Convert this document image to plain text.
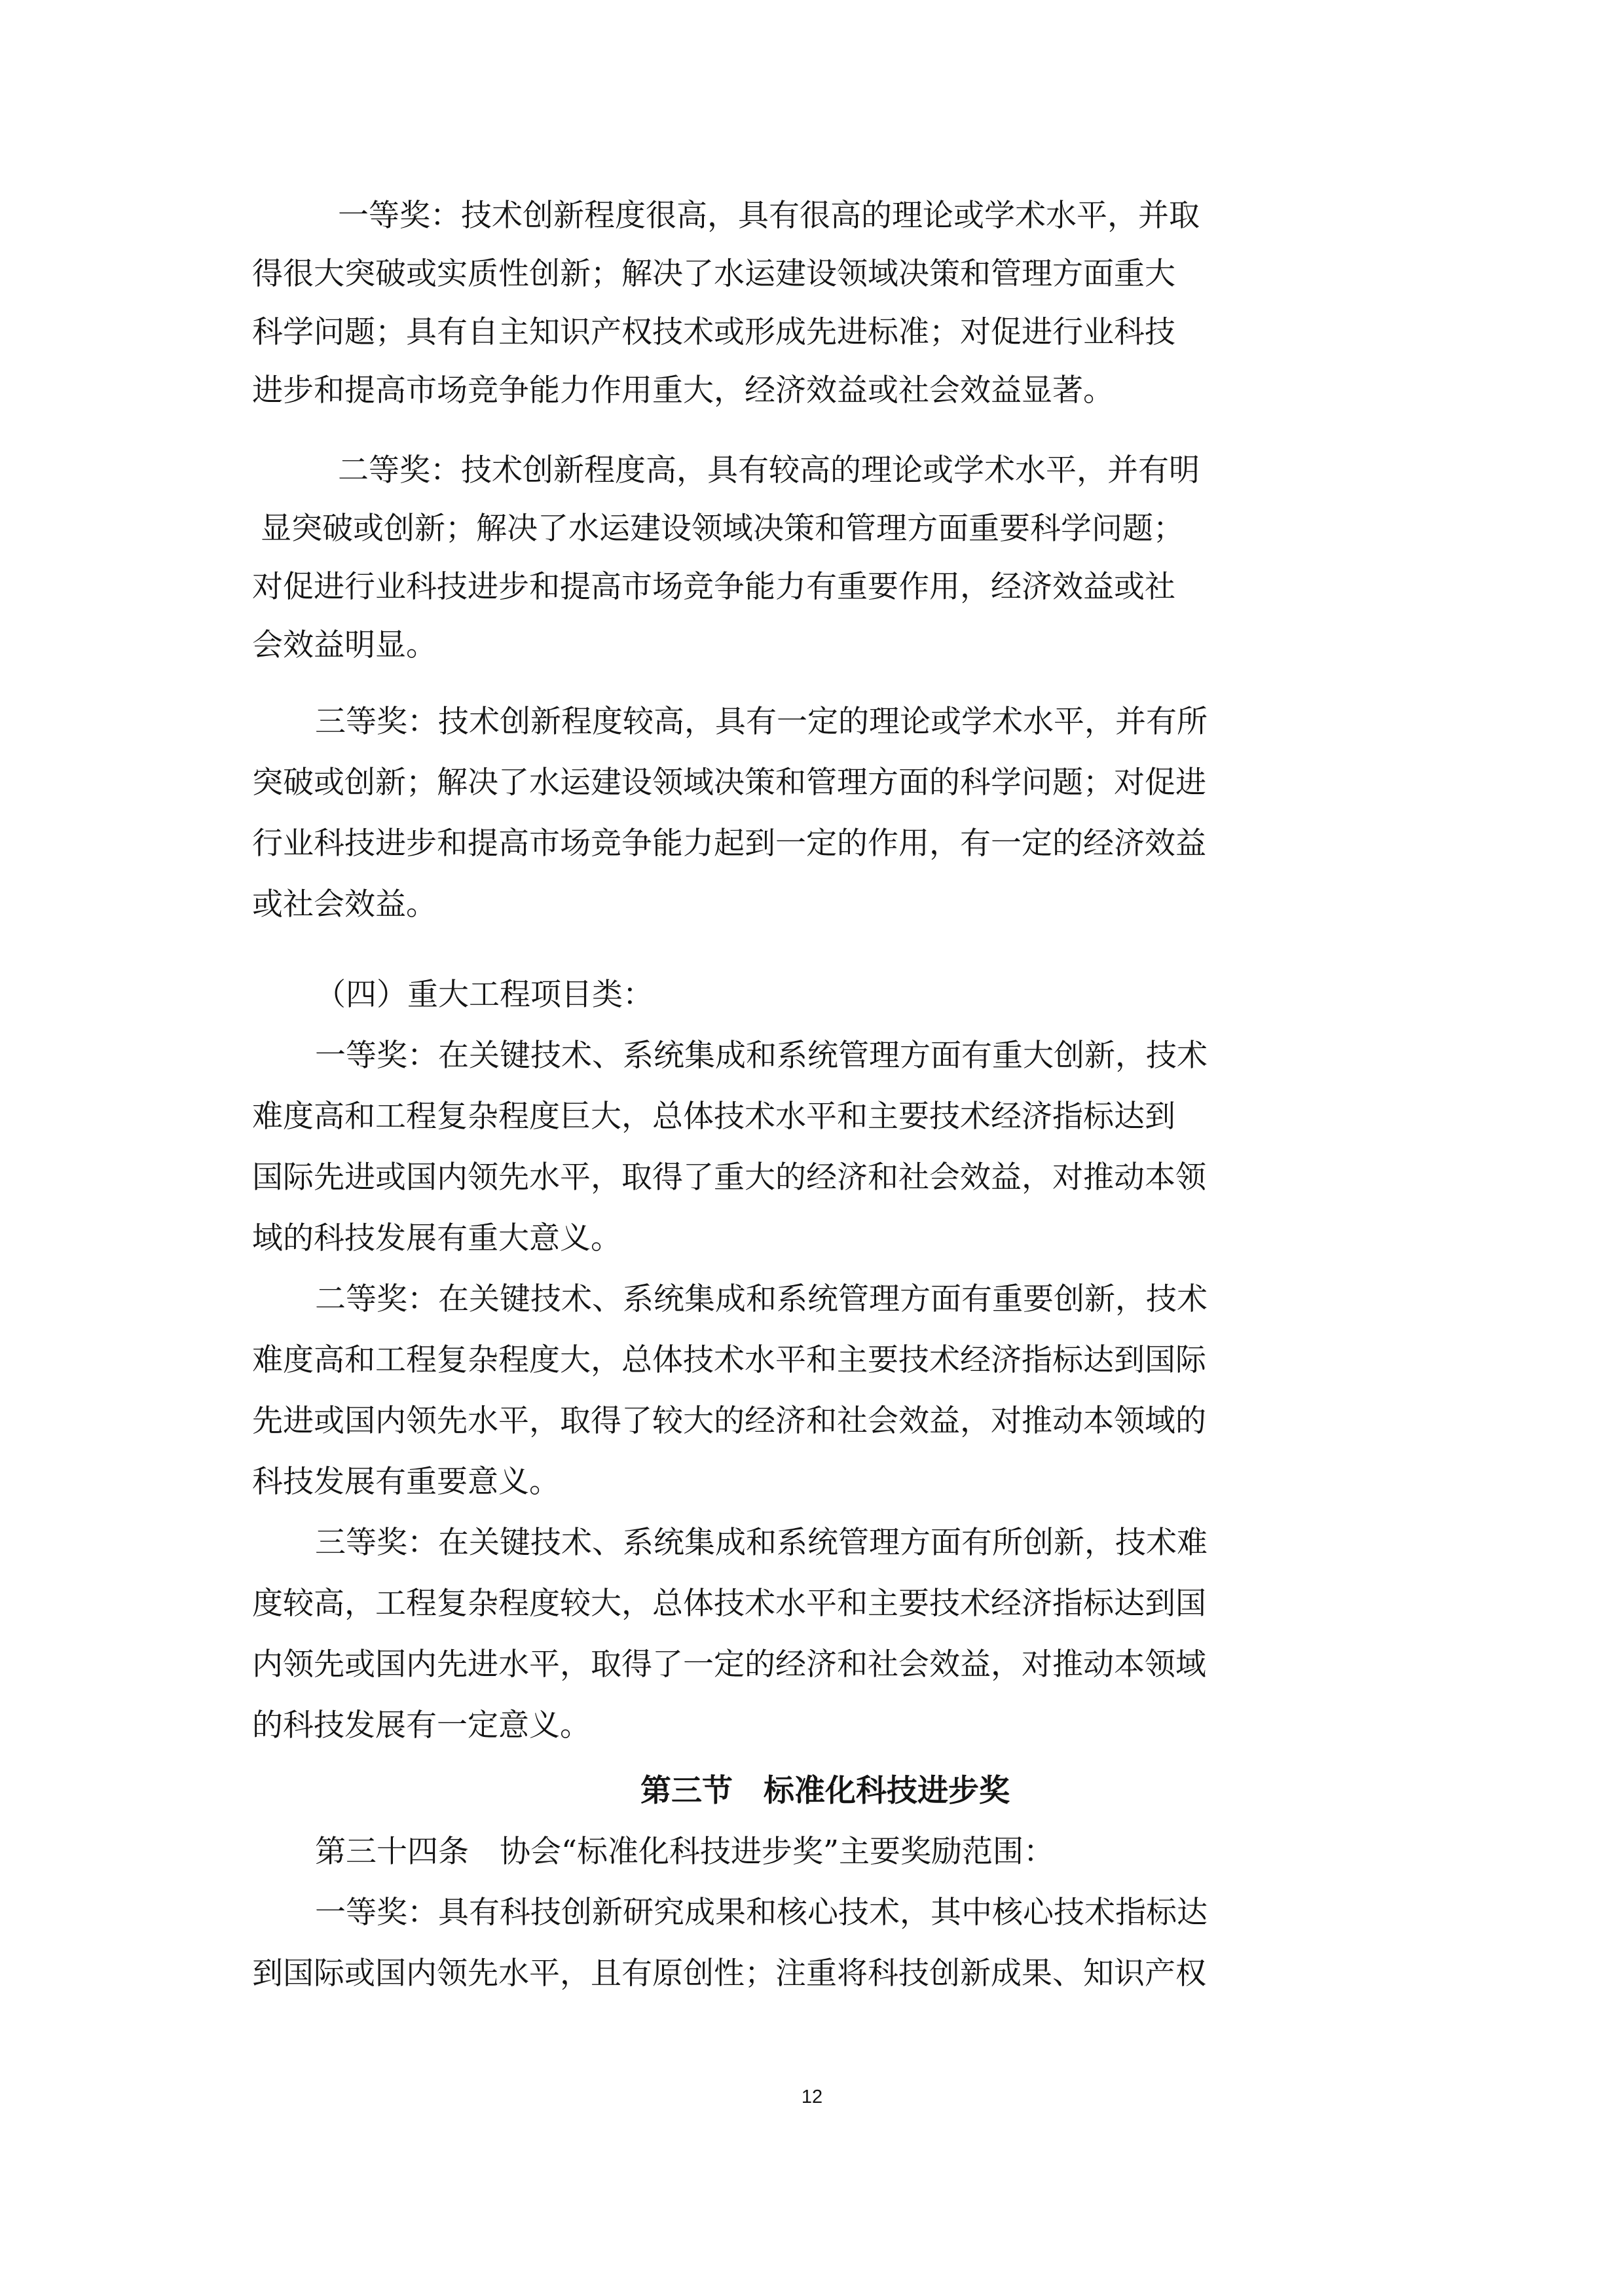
一等奖：技术创新程度很高，具有很高的理论或学术水平，并取

得很大突破或实质性创新；解决了水运建设领域决策和管理方面重大

科学问题；具有自主知识产权技术或形成先进标准；对促进行业科技

进步和提高市场竞争能力作用重大，经济效益或社会效益显著。

二等奖：技术创新程度高，具有较高的理论或学术水平，并有明

显突破或创新；解决了水运建设领域决策和管理方面重要科学问题；

对促进行业科技进步和提高市场竞争能力有重要作用，经济效益或社

会效益明显。

三等奖：技术创新程度较高，具有一定的理论或学术水平，并有所

突破或创新；解决了水运建设领域决策和管理方面的科学问题；对促进

行业科技进步和提高市场竞争能力起到一定的作用，有一定的经济效益

或社会效益。

（四）重大工程项目类：

一等奖：在关键技术、系统集成和系统管理方面有重大创新，技术

难度高和工程复杂程度巨大，总体技术水平和主要技术经济指标达到

国际先进或国内领先水平，取得了重大的经济和社会效益，对推动本领

域的科技发展有重大意义。

二等奖：在关键技术、系统集成和系统管理方面有重要创新，技术

难度高和工程复杂程度大，总体技术水平和主要技术经济指标达到国际

先进或国内领先水平，取得了较大的经济和社会效益，对推动本领域的

科技发展有重要意义。

三等奖：在关键技术、系统集成和系统管理方面有所创新，技术难

度较高，工程复杂程度较大，总体技术水平和主要技术经济指标达到国

内领先或国内先进水平，取得了一定的经济和社会效益，对推动本领域

的科技发展有一定意义。

第三节　标准化科技进步奖

第三十四条　协会“标准化科技进步奖”主要奖励范围：

一等奖：具有科技创新研究成果和核心技术，其中核心技术指标达

到国际或国内领先水平，且有原创性；注重将科技创新成果、知识产权

12
